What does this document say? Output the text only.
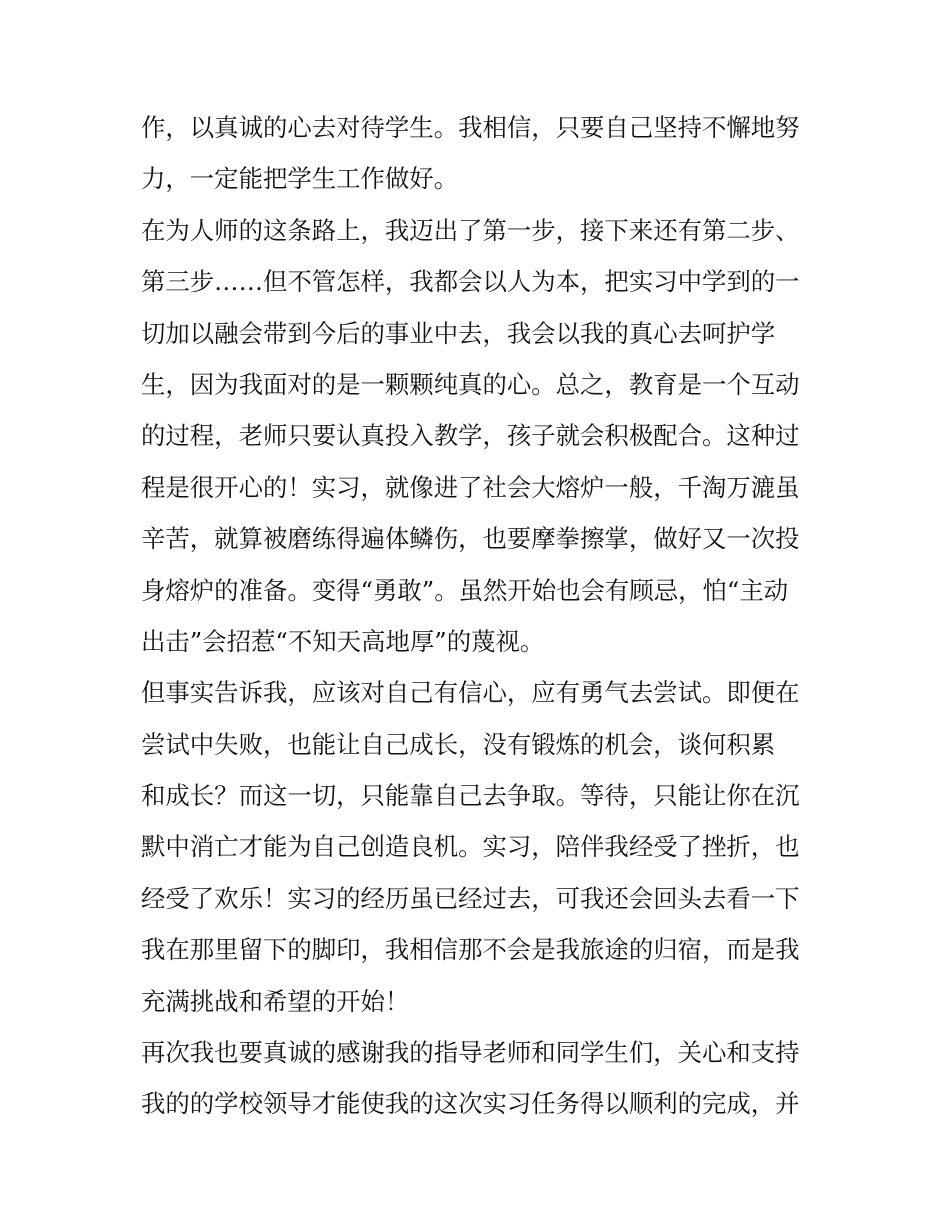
作，以真诚的心去对待学生。我相信，只要自己坚持不懈地努
力，一定能把学生工作做好。
在为人师的这条路上，我迈出了第一步，接下来还有第二步、
第三步……但不管怎样，我都会以人为本，把实习中学到的一
切加以融会带到今后的事业中去，我会以我的真心去呵护学
生，因为我面对的是一颗颗纯真的心。总之，教育是一个互动
的过程，老师只要认真投入教学，孩子就会积极配合。这种过
程是很开心的！实习，就像进了社会大熔炉一般，千淘万漉虽
辛苦，就算被磨练得遍体鳞伤，也要摩拳擦掌，做好又一次投
身熔炉的准备。变得“勇敢”。虽然开始也会有顾忌，怕“主动
出击”会招惹“不知天高地厚”的蔑视。
但事实告诉我，应该对自己有信心，应有勇气去尝试。即便在
尝试中失败，也能让自己成长，没有锻炼的机会，谈何积累
和成长？而这一切，只能靠自己去争取。等待，只能让你在沉
默中消亡才能为自己创造良机。实习，陪伴我经受了挫折，也
经受了欢乐！实习的经历虽已经过去，可我还会回头去看一下
我在那里留下的脚印，我相信那不会是我旅途的归宿，而是我
充满挑战和希望的开始！
再次我也要真诚的感谢我的指导老师和同学生们，关心和支持
我的的学校领导才能使我的这次实习任务得以顺利的完成，并
